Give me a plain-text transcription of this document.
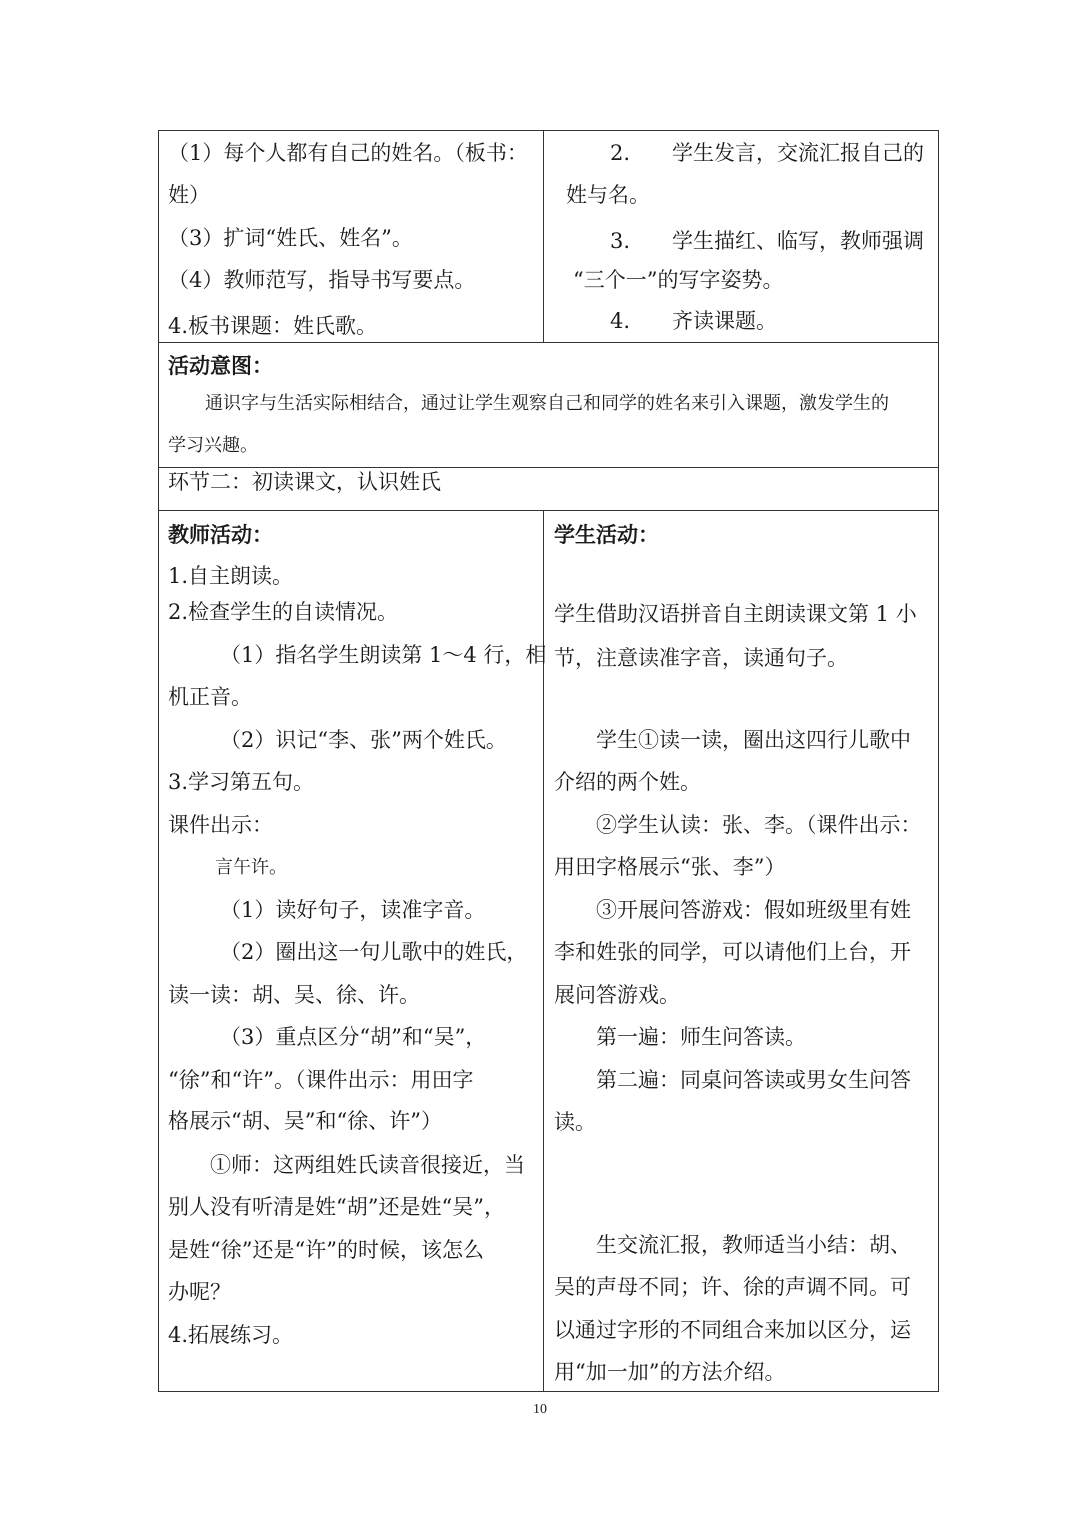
（1）每个人都有自己的姓名。（板书：
姓）
（3）扩词“姓氏、姓名”。
（4）教师范写，指导书写要点。
4.板书课题：姓氏歌。
2.　　学生发言，交流汇报自己的
姓与名。
3.　　学生描红、临写，教师强调
“三个一”的写字姿势。
4.　　齐读课题。
活动意图：
通识字与生活实际相结合，通过让学生观察自己和同学的姓名来引入课题，激发学生的
学习兴趣。
环节二：初读课文，认识姓氏
教师活动：
1.自主朗读。
2.检查学生的自读情况。
（1）指名学生朗读第 1～4 行，相
机正音。
（2）识记“李、张”两个姓氏。
3.学习第五句。
课件出示：
言午许。
（1）读好句子，读准字音。
（2）圈出这一句儿歌中的姓氏，
读一读：胡、吴、徐、许。
（3）重点区分“胡”和“吴”，
“徐”和“许”。（课件出示：用田字
格展示“胡、吴”和“徐、许”）
①师：这两组姓氏读音很接近，当
别人没有听清是姓“胡”还是姓“吴”，
是姓“徐”还是“许”的时候，该怎么
办呢？
4.拓展练习。
学生活动：
学生借助汉语拼音自主朗读课文第 1 小
节，注意读准字音，读通句子。
学生①读一读，圈出这四行儿歌中
介绍的两个姓。
②学生认读：张、李。（课件出示：
用田字格展示“张、李”）
③开展问答游戏：假如班级里有姓
李和姓张的同学，可以请他们上台，开
展问答游戏。
第一遍：师生问答读。
第二遍：同桌问答读或男女生问答
读。
生交流汇报，教师适当小结：胡、
吴的声母不同；许、徐的声调不同。可
以通过字形的不同组合来加以区分，运
用“加一加”的方法介绍。
10
